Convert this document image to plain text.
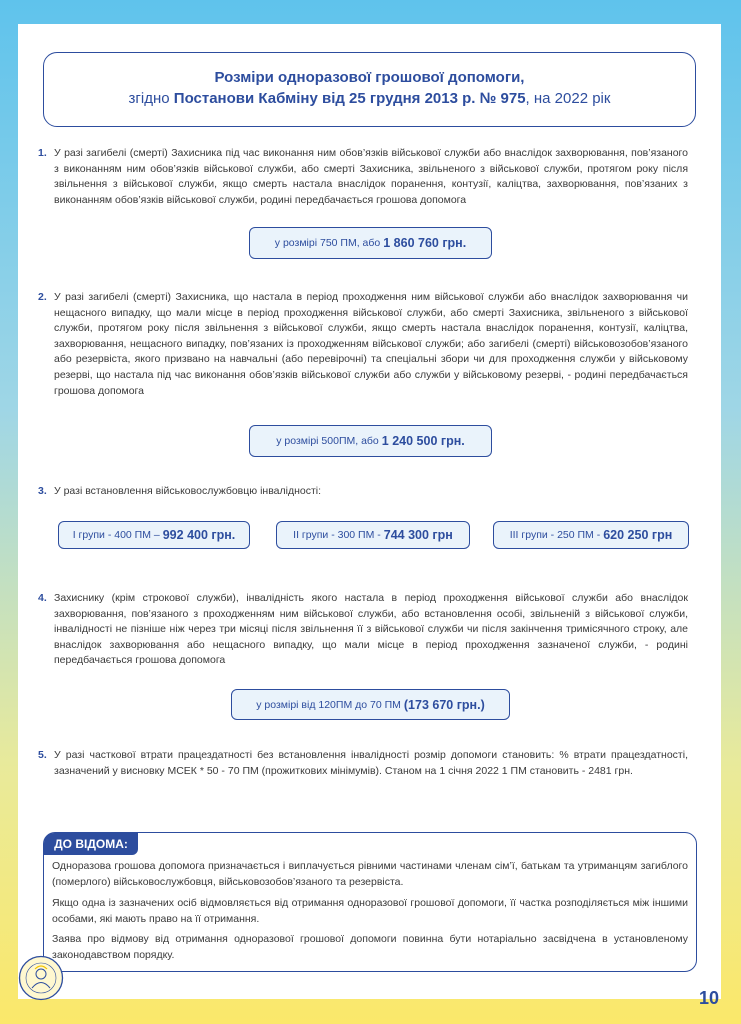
Розміри одноразової грошової допомоги,
згідно Постанови Кабміну від 25 грудня 2013 р. № 975, на 2022 рік
1. У разі загибелі (смерті) Захисника під час виконання ним обов’язків військової служби або внаслідок захворювання, пов’язаного з виконанням ним обов’язків військової служби, або смерті Захисника, звільненого з військової служби, протягом року після звільнення з військової служби, якщо смерть настала внаслідок поранення, контузії, каліцтва, захворювання, пов’язаних з виконанням обов’язків військової служби, родині передбачається грошова допомога
у розмірі 750 ПМ, або 1 860 760 грн.
2. У разі загибелі (смерті) Захисника, що настала в період проходження ним військової служби або внаслідок захворювання чи нещасного випадку, що мали місце в період проходження військової служби, або смерті Захисника, звільненого з військової служби, протягом року після звільнення з військової служби, якщо смерть настала внаслідок поранення, контузії, каліцтва, захворювання, нещасного випадку, пов’язаних із проходженням військової служби; або загибелі (смерті) військовозобов’язаного або резервіста, якого призвано на навчальні (або перевірочні) та спеціальні збори чи для проходження служби у військовому резерві, що настала під час виконання обов’язків військової служби або служби у військовому резерві, - родині передбачається грошова допомога
у розмірі 500ПМ, або 1 240 500 грн.
3. У разі встановлення військовослужбовцю інвалідності:
І групи - 400 ПМ – 992 400 грн.	ІІ групи - 300 ПМ - 744 300 грн	ІІІ групи - 250 ПМ - 620 250 грн
4. Захиснику (крім строкової служби), інвалідність якого настала в період проходження військової служби або внаслідок захворювання, пов’язаного з проходженням ним військової служби, або встановлення особі, звільненій з військової служби, інвалідності не пізніше ніж через три місяці після звільнення її з військової служби чи після закінчення тримісячного строку, але внаслідок захворювання або нещасного випадку, що мали місце в період проходження зазначеної служби, - родині передбачається грошова допомога
у розмірі від 120ПМ до 70 ПМ (173 670 грн.)
5. У разі часткової втрати працездатності без встановлення інвалідності розмір допомоги становить: % втрати працездатності, зазначений у висновку МСЕК * 50 - 70 ПМ (прожиткових мінімумів). Станом на 1 січня 2022 1 ПМ становить - 2481 грн.
ДО ВІДОМА:

Одноразова грошова допомога призначається і виплачується рівними частинами членам сім’ї, батькам та утриманцям загиблого (померлого) військовослужбовця, військовозобов’язаного та резервіста.

Якщо одна із зазначених осіб відмовляється від отримання одноразової грошової допомоги, її частка розподіляється між іншими особами, які мають право на її отримання.

Заява про відмову від отримання одноразової грошової допомоги повинна бути нотаріально засвідчена в установленому законодавством порядку.

10
